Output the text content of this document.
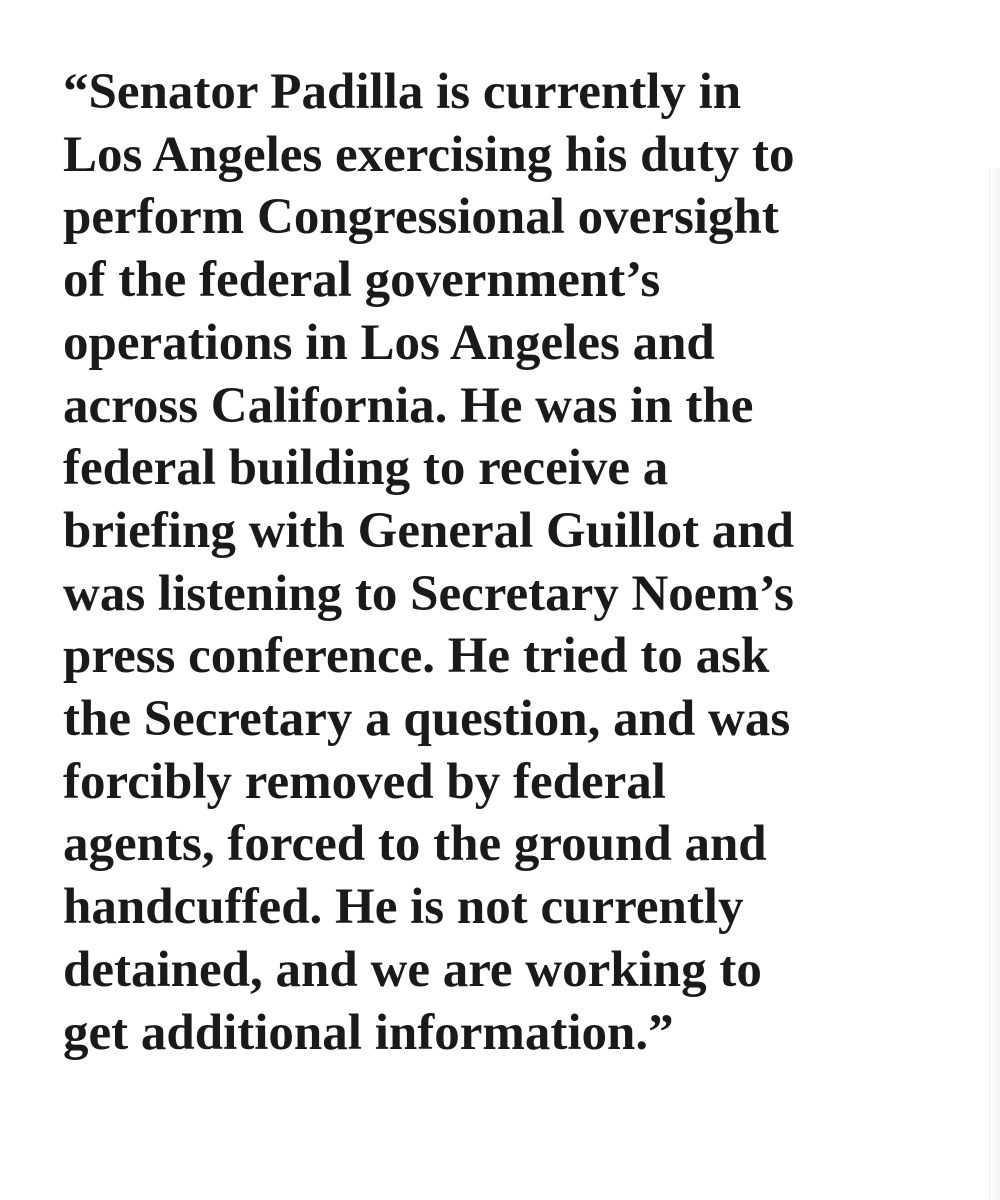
“Senator Padilla is currently in
Los Angeles exercising his duty to
perform Congressional oversight
of the federal government’s
operations in Los Angeles and
across California. He was in the
federal building to receive a
briefing with General Guillot and
was listening to Secretary Noem’s
press conference. He tried to ask
the Secretary a question, and was
forcibly removed by federal
agents, forced to the ground and
handcuffed. He is not currently
detained, and we are working to
get additional information.”
